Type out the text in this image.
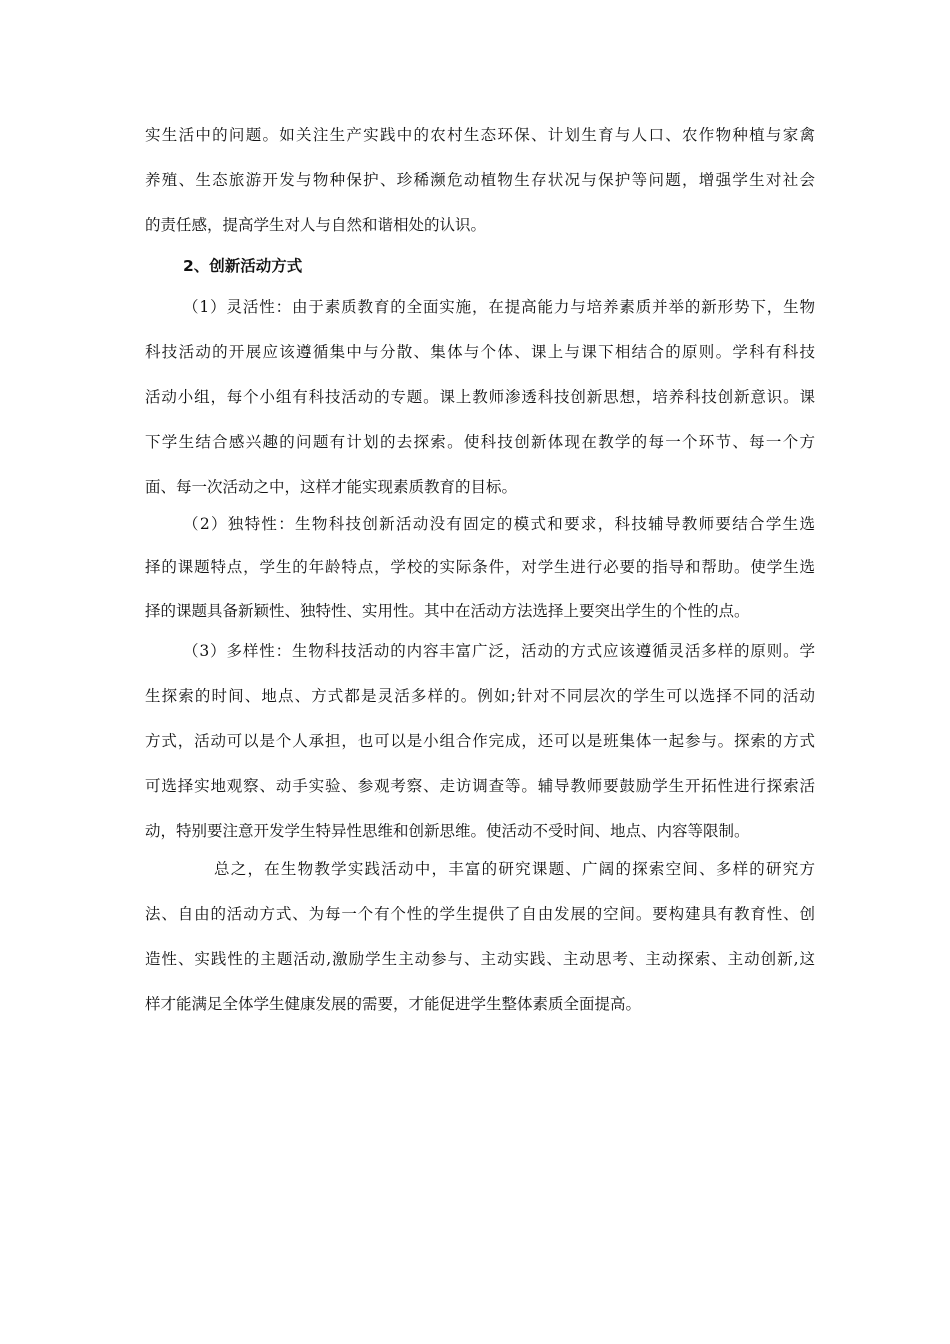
实生活中的问题。如关注生产实践中的农村生态环保、计划生育与人口、农作物种植与家禽
养殖、生态旅游开发与物种保护、珍稀濒危动植物生存状况与保护等问题，增强学生对社会
的责任感，提高学生对人与自然和谐相处的认识。
2、创新活动方式
（1）灵活性：由于素质教育的全面实施，在提高能力与培养素质并举的新形势下，生物
科技活动的开展应该遵循集中与分散、集体与个体、课上与课下相结合的原则。学科有科技
活动小组，每个小组有科技活动的专题。课上教师渗透科技创新思想，培养科技创新意识。课
下学生结合感兴趣的问题有计划的去探索。使科技创新体现在教学的每一个环节、每一个方
面、每一次活动之中，这样才能实现素质教育的目标。
（2）独特性：生物科技创新活动没有固定的模式和要求，科技辅导教师要结合学生选
择的课题特点，学生的年龄特点，学校的实际条件，对学生进行必要的指导和帮助。使学生选
择的课题具备新颖性、独特性、实用性。其中在活动方法选择上要突出学生的个性的点。
（3）多样性：生物科技活动的内容丰富广泛，活动的方式应该遵循灵活多样的原则。学
生探索的时间、地点、方式都是灵活多样的。例如;针对不同层次的学生可以选择不同的活动
方式，活动可以是个人承担，也可以是小组合作完成，还可以是班集体一起参与。探索的方式
可选择实地观察、动手实验、参观考察、走访调查等。辅导教师要鼓励学生开拓性进行探索活
动，特别要注意开发学生特异性思维和创新思维。使活动不受时间、地点、内容等限制。
总之，在生物教学实践活动中，丰富的研究课题、广阔的探索空间、多样的研究方
法、自由的活动方式、为每一个有个性的学生提供了自由发展的空间。要构建具有教育性、创
造性、实践性的主题活动,激励学生主动参与、主动实践、主动思考、主动探索、主动创新,这
样才能满足全体学生健康发展的需要，才能促进学生整体素质全面提高。
